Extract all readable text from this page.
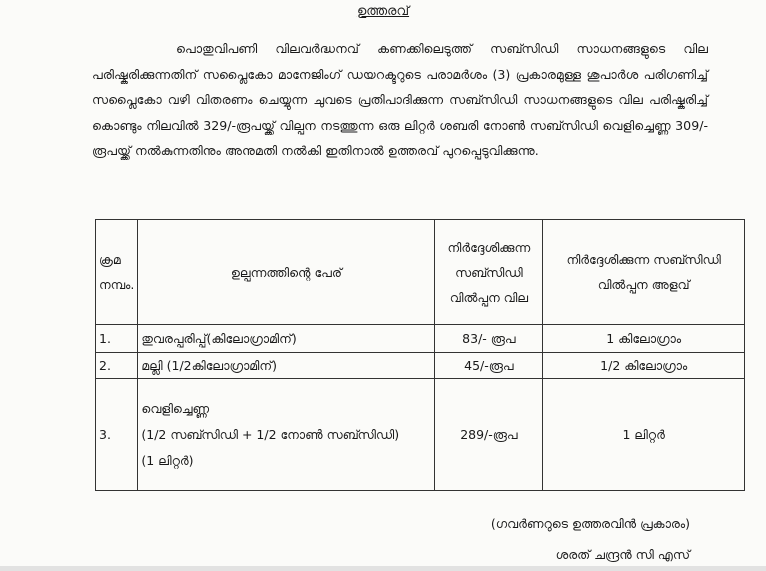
ഉത്തരവ്
പൊതുവിപണി വിലവർദ്ധനവ് കണക്കിലെടുത്ത് സബ്സിഡി സാധനങ്ങളുടെ വില പരിഷ്കരിക്കുന്നതിന് സപ്ലൈകോ മാനേജിംഗ് ഡയറക്ടറുടെ പരാമർശം (3) പ്രകാരമുള്ള ശുപാർശ പരിഗണിച്ച് സപ്ലൈകോ വഴി വിതരണം ചെയ്യുന്ന ചുവടെ പ്രതിപാദിക്കുന്ന സബ്സിഡി സാധനങ്ങളുടെ വില പരിഷ്കരിച്ച് കൊണ്ടും നിലവിൽ 329/-രൂപയ്ക്ക് വില്പന നടത്തുന്ന ഒരു ലിറ്റർ ശബരി നോൺ സബ്സിഡി വെളിച്ചെണ്ണ 309/-രൂപയ്ക്ക് നൽകുന്നതിനും അനുമതി നൽകി ഇതിനാൽ ഉത്തരവ് പുറപ്പെടുവിക്കുന്നു.
ക്രമ നമ്പം.	ഉല്പന്നത്തിന്റെ പേര്	നിർദ്ദേശിക്കുന്ന സബ്സിഡി വിൽപ്പന വില	നിർദ്ദേശിക്കുന്ന സബ്സിഡി വിൽപ്പന അളവ്
1.	തുവരപ്പരിപ്പ്(കിലോഗ്രാമിന്)	83/- രൂപ	1 കിലോഗ്രാം
2.	മല്ലി (1/2കിലോഗ്രാമിന്)	45/-രൂപ	1/2 കിലോഗ്രാം
3.	വെളിച്ചെണ്ണ
(1/2 സബ്സിഡി + 1/2 നോൺ സബ്സിഡി)
(1 ലിറ്റർ)	289/-രൂപ	1 ലിറ്റർ
(ഗവർണറുടെ ഉത്തരവിൻ പ്രകാരം)
ശരത് ചന്ദ്രൻ സി എസ്
